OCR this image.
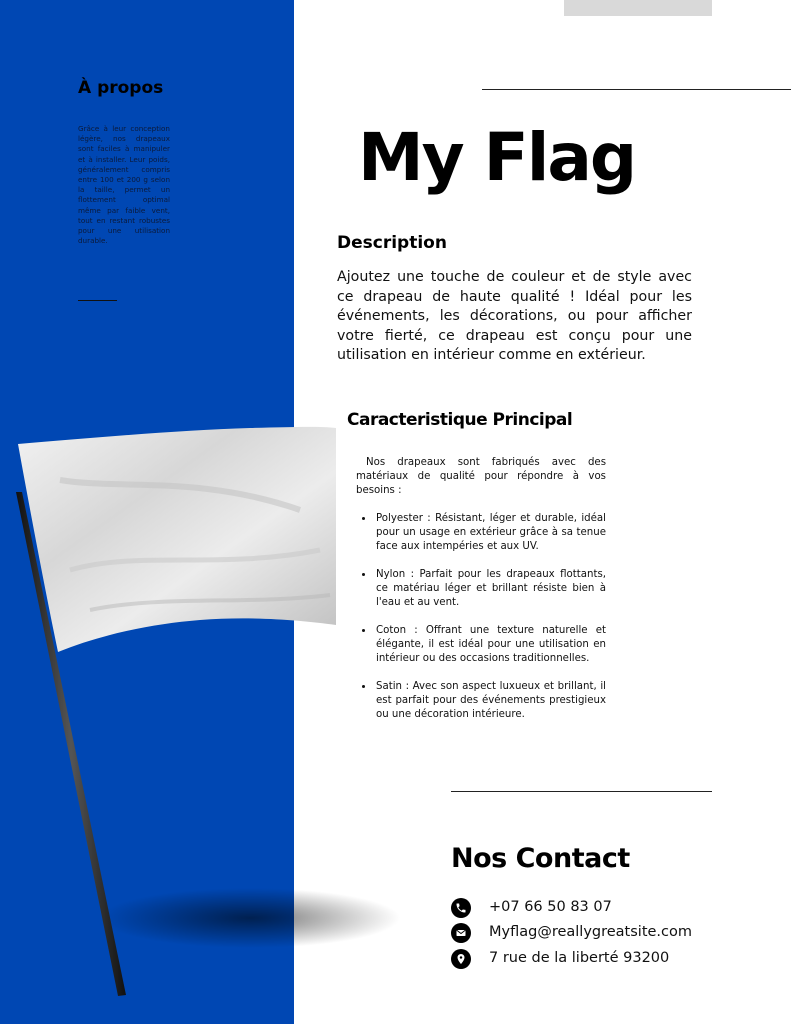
À propos
Grâce à leur conception légère, nos drapeaux sont faciles à manipuler et à installer. Leur poids, généralement compris entre 100 et 200 g selon la taille, permet un flottement optimal même par faible vent, tout en restant robustes pour une utilisation durable.
My Flag
Description
Ajoutez une touche de couleur et de style avec ce drapeau de haute qualité ! Idéal pour les événements, les décorations, ou pour afficher votre fierté, ce drapeau est conçu pour une utilisation en intérieur comme en extérieur.
Caracteristique Principal
Nos drapeaux sont fabriqués avec des matériaux de qualité pour répondre à vos besoins :
• Polyester : Résistant, léger et durable, idéal pour un usage en extérieur grâce à sa tenue face aux intempéries et aux UV.
• Nylon : Parfait pour les drapeaux flottants, ce matériau léger et brillant résiste bien à l'eau et au vent.
• Coton : Offrant une texture naturelle et élégante, il est idéal pour une utilisation en intérieur ou des occasions traditionnelles.
• Satin : Avec son aspect luxueux et brillant, il est parfait pour des événements prestigieux ou une décoration intérieure.
Nos Contact
+07 66 50 83 07
Myflag@reallygreatsite.com
7 rue de la liberté 93200
